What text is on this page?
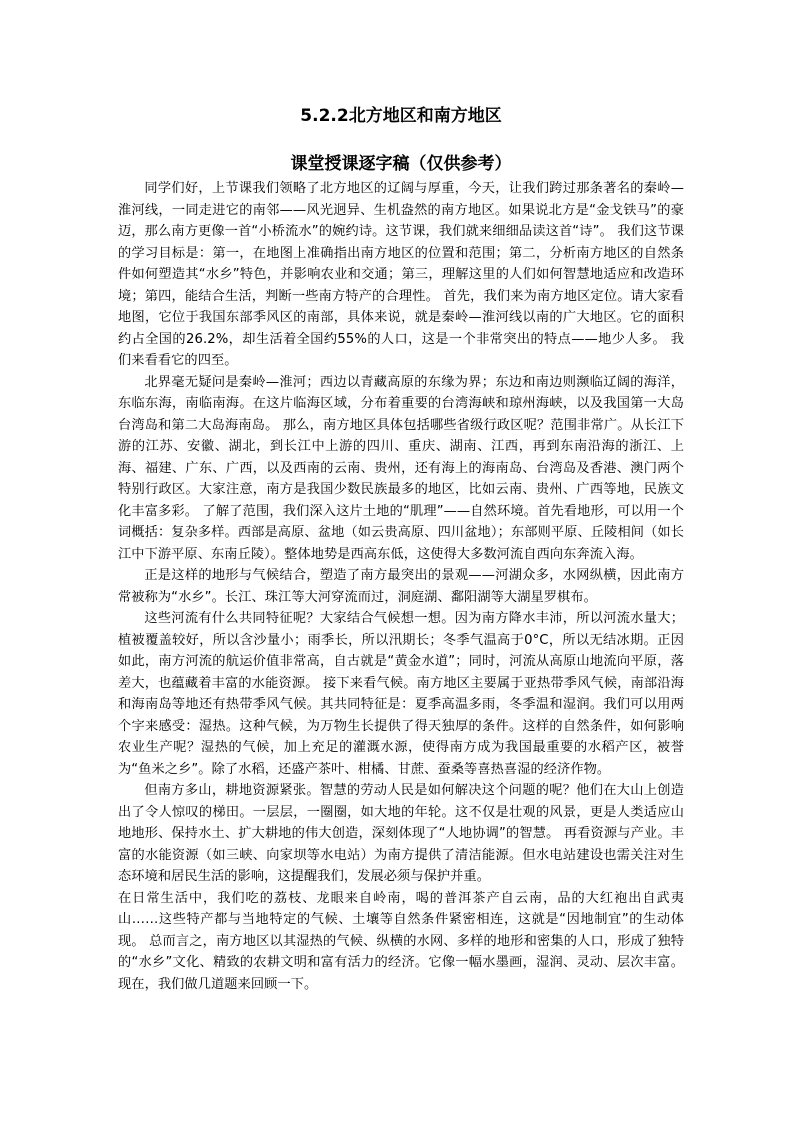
5.2.2北方地区和南方地区
课堂授课逐字稿（仅供参考）

同学们好，上节课我们领略了北方地区的辽阔与厚重，今天，让我们跨过那条著名的秦岭—淮河线，一同走进它的南邻——风光迥异、生机盎然的南方地区。如果说北方是“金戈铁马”的豪迈，那么南方更像一首“小桥流水”的婉约诗。这节课，我们就来细细品读这首“诗”。 我们这节课的学习目标是：第一，在地图上准确指出南方地区的位置和范围；第二，分析南方地区的自然条件如何塑造其“水乡”特色，并影响农业和交通；第三，理解这里的人们如何智慧地适应和改造环境；第四，能结合生活，判断一些南方特产的合理性。 首先，我们来为南方地区定位。请大家看地图，它位于我国东部季风区的南部，具体来说，就是秦岭—淮河线以南的广大地区。它的面积约占全国的26.2%，却生活着全国约55%的人口，这是一个非常突出的特点——地少人多。 我们来看看它的四至。

北界毫无疑问是秦岭—淮河；西边以青藏高原的东缘为界；东边和南边则濒临辽阔的海洋，东临东海，南临南海。在这片临海区域，分布着重要的台湾海峡和琼州海峡，以及我国第一大岛台湾岛和第二大岛海南岛。 那么，南方地区具体包括哪些省级行政区呢？范围非常广。从长江下游的江苏、安徽、湖北，到长江中上游的四川、重庆、湖南、江西，再到东南沿海的浙江、上海、福建、广东、广西，以及西南的云南、贵州，还有海上的海南岛、台湾岛及香港、澳门两个特别行政区。大家注意，南方是我国少数民族最多的地区，比如云南、贵州、广西等地，民族文化丰富多彩。 了解了范围，我们深入这片土地的“肌理”——自然环境。首先看地形，可以用一个词概括：复杂多样。西部是高原、盆地（如云贵高原、四川盆地）；东部则平原、丘陵相间（如长江中下游平原、东南丘陵）。整体地势是西高东低，这使得大多数河流自西向东奔流入海。

正是这样的地形与气候结合，塑造了南方最突出的景观——河湖众多，水网纵横，因此南方常被称为“水乡”。长江、珠江等大河穿流而过，洞庭湖、鄱阳湖等大湖星罗棋布。

这些河流有什么共同特征呢？大家结合气候想一想。因为南方降水丰沛，所以河流水量大；植被覆盖较好，所以含沙量小；雨季长，所以汛期长；冬季气温高于0°C，所以无结冰期。正因如此，南方河流的航运价值非常高，自古就是“黄金水道”；同时，河流从高原山地流向平原，落差大，也蕴藏着丰富的水能资源。 接下来看气候。南方地区主要属于亚热带季风气候，南部沿海和海南岛等地还有热带季风气候。其共同特征是：夏季高温多雨，冬季温和湿润。我们可以用两个字来感受：湿热。这种气候，为万物生长提供了得天独厚的条件。这样的自然条件，如何影响农业生产呢？湿热的气候，加上充足的灌溉水源，使得南方成为我国最重要的水稻产区，被誉为“鱼米之乡”。除了水稻，还盛产茶叶、柑橘、甘蔗、蚕桑等喜热喜湿的经济作物。

但南方多山，耕地资源紧张。智慧的劳动人民是如何解决这个问题的呢？他们在大山上创造出了令人惊叹的梯田。一层层，一圈圈，如大地的年轮。这不仅是壮观的风景，更是人类适应山地地形、保持水土、扩大耕地的伟大创造，深刻体现了“人地协调”的智慧。 再看资源与产业。丰富的水能资源（如三峡、向家坝等水电站）为南方提供了清洁能源。但水电站建设也需关注对生态环境和居民生活的影响，这提醒我们，发展必须与保护并重。

在日常生活中，我们吃的荔枝、龙眼来自岭南，喝的普洱茶产自云南，品的大红袍出自武夷山……这些特产都与当地特定的气候、土壤等自然条件紧密相连，这就是“因地制宜”的生动体现。 总而言之，南方地区以其湿热的气候、纵横的水网、多样的地形和密集的人口，形成了独特的“水乡”文化、精致的农耕文明和富有活力的经济。它像一幅水墨画，湿润、灵动、层次丰富。 现在，我们做几道题来回顾一下。
